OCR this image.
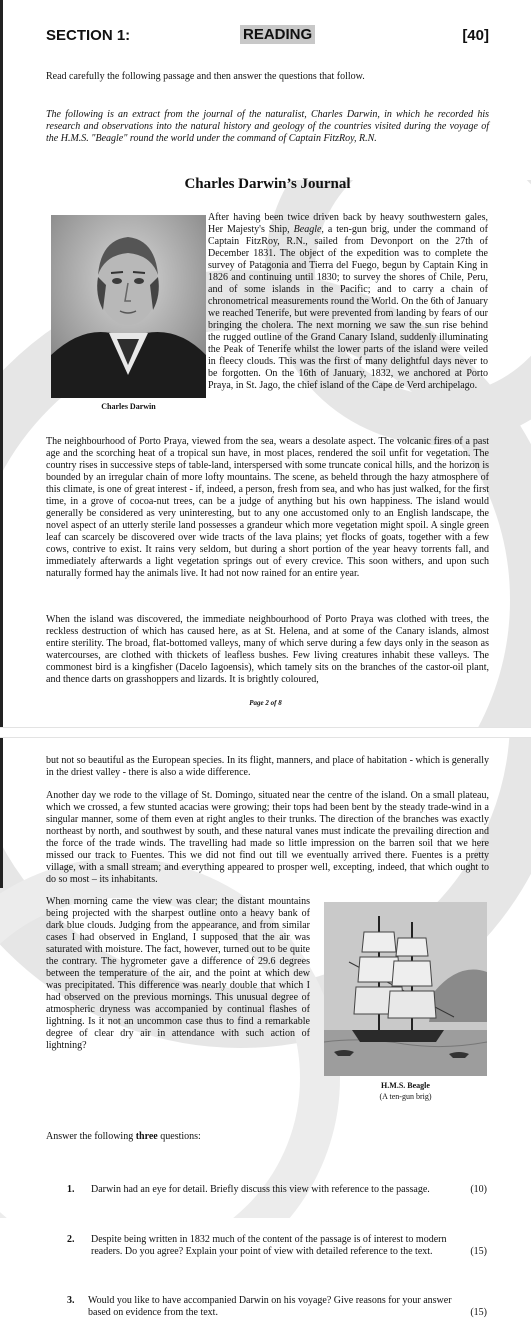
SECTION 1:	READING	[40]

Read carefully the following passage and then answer the questions that follow.

The following is an extract from the journal of the naturalist, Charles Darwin, in which he recorded his research and observations into the natural history and geology of the countries visited during the voyage of the H.M.S. "Beagle" round the world under the command of Captain FitzRoy, R.N.

Charles Darwin’s Journal
Charles Darwin

After having been twice driven back by heavy southwestern gales, Her Majesty's Ship, Beagle, a ten-gun brig, under the command of Captain FitzRoy, R.N., sailed from Devonport on the 27th of December 1831. The object of the expedition was to complete the survey of Patagonia and Tierra del Fuego, begun by Captain King in 1826 and continuing until 1830; to survey the shores of Chile, Peru, and of some islands in the Pacific; and to carry a chain of chronometrical measurements round the World. On the 6th of January we reached Tenerife, but were prevented from landing by fears of our bringing the cholera. The next morning we saw the sun rise behind the rugged outline of the Grand Canary Island, suddenly illuminating the Peak of Tenerife whilst the lower parts of the island were veiled in fleecy clouds. This was the first of many delightful days never to be forgotten. On the 16th of January, 1832, we anchored at Porto Praya, in St. Jago, the chief island of the Cape de Verd archipelago.

The neighbourhood of Porto Praya, viewed from the sea, wears a desolate aspect. The volcanic fires of a past age and the scorching heat of a tropical sun have, in most places, rendered the soil unfit for vegetation. The country rises in successive steps of table-land, interspersed with some truncate conical hills, and the horizon is bounded by an irregular chain of more lofty mountains. The scene, as beheld through the hazy atmosphere of this climate, is one of great interest - if, indeed, a person, fresh from sea, and who has just walked, for the first time, in a grove of cocoa-nut trees, can be a judge of anything but his own happiness. The island would generally be considered as very uninteresting, but to any one accustomed only to an English landscape, the novel aspect of an utterly sterile land possesses a grandeur which more vegetation might spoil. A single green leaf can scarcely be discovered over wide tracts of the lava plains; yet flocks of goats, together with a few cows, contrive to exist. It rains very seldom, but during a short portion of the year heavy torrents fall, and immediately afterwards a light vegetation springs out of every crevice. This soon withers, and upon such naturally formed hay the animals live. It had not now rained for an entire year.

When the island was discovered, the immediate neighbourhood of Porto Praya was clothed with trees, the reckless destruction of which has caused here, as at St. Helena, and at some of the Canary islands, almost entire sterility. The broad, flat-bottomed valleys, many of which serve during a few days only in the season as watercourses, are clothed with thickets of leafless bushes. Few living creatures inhabit these valleys. The commonest bird is a kingfisher (Dacelo Iagoensis), which tamely sits on the branches of the castor-oil plant, and thence darts on grasshoppers and lizards. It is brightly coloured,

Page 2 of 8

but not so beautiful as the European species. In its flight, manners, and place of habitation - which is generally in the driest valley - there is also a wide difference.

Another day we rode to the village of St. Domingo, situated near the centre of the island. On a small plateau, which we crossed, a few stunted acacias were growing; their tops had been bent by the steady trade-wind in a singular manner, some of them even at right angles to their trunks. The direction of the branches was exactly northeast by north, and southwest by south, and these natural vanes must indicate the prevailing direction and the force of the trade winds. The travelling had made so little impression on the barren soil that we here missed our track to Fuentes. This we did not find out till we eventually arrived there. Fuentes is a pretty village, with a small stream; and everything appeared to prosper well, excepting, indeed, that which ought to do so most – its inhabitants.

When morning came the view was clear; the distant mountains being projected with the sharpest outline onto a heavy bank of dark blue clouds. Judging from the appearance, and from similar cases I had observed in England, I supposed that the air was saturated with moisture. The fact, however, turned out to be quite the contrary. The hygrometer gave a difference of 29.6 degrees between the temperature of the air, and the point at which dew was precipitated. This difference was nearly double that which I had observed on the previous mornings. This unusual degree of atmospheric dryness was accompanied by continual flashes of lightning. Is it not an uncommon case thus to find a remarkable degree of clear dry air in attendance with such action of lightning?

H.M.S. Beagle
(A ten-gun brig)

Answer the following three questions:

1. Darwin had an eye for detail. Briefly discuss this view with reference to the passage.	(10)
2. Despite being written in 1832 much of the content of the passage is of interest to modern readers. Do you agree? Explain your point of view with detailed reference to the text.	(15)
3. Would you like to have accompanied Darwin on his voyage? Give reasons for your answer based on evidence from the text.	(15)
